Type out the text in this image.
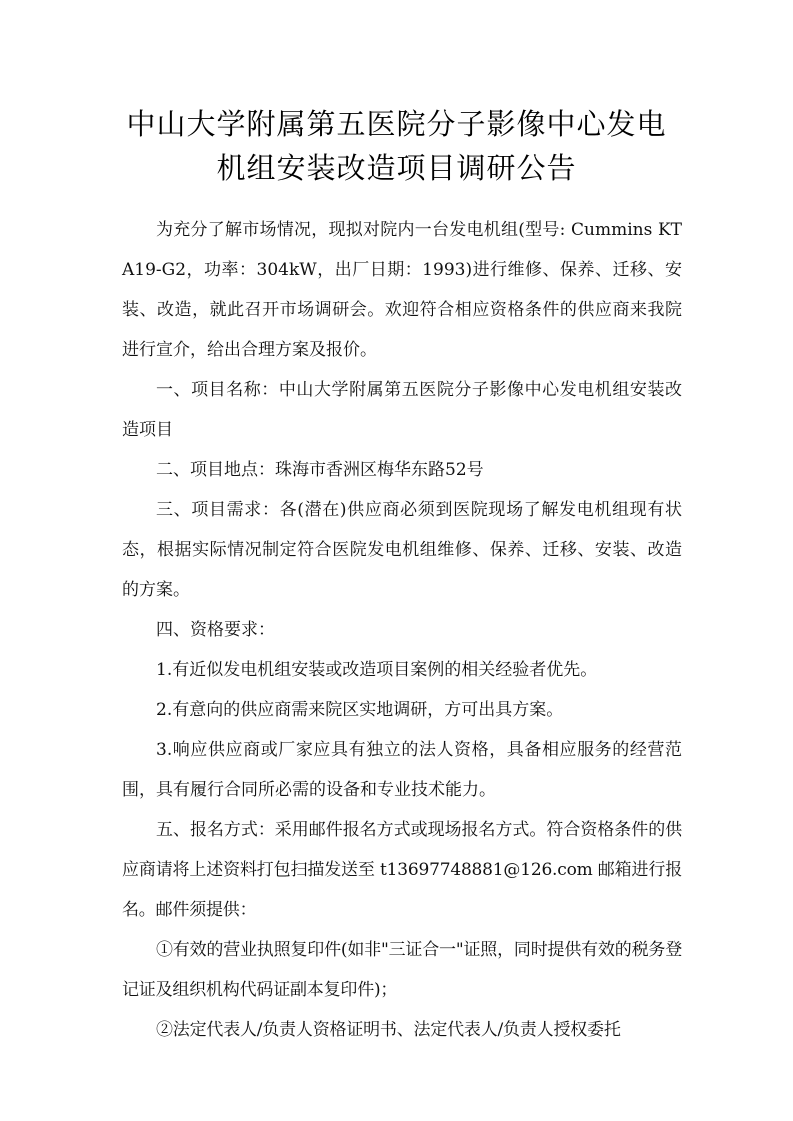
中山大学附属第五医院分子影像中心发电
机组安装改造项目调研公告

为充分了解市场情况，现拟对院内一台发电机组(型号: Cummins KTA19-G2，功率：304kW，出厂日期：1993)进行维修、保养、迁移、安装、改造，就此召开市场调研会。欢迎符合相应资格条件的供应商来我院进行宣介，给出合理方案及报价。

一、项目名称：中山大学附属第五医院分子影像中心发电机组安装改造项目

二、项目地点：珠海市香洲区梅华东路52号

三、项目需求：各(潜在)供应商必须到医院现场了解发电机组现有状态，根据实际情况制定符合医院发电机组维修、保养、迁移、安装、改造的方案。

四、资格要求：

1.有近似发电机组安装或改造项目案例的相关经验者优先。

2.有意向的供应商需来院区实地调研，方可出具方案。

3.响应供应商或厂家应具有独立的法人资格，具备相应服务的经营范围，具有履行合同所必需的设备和专业技术能力。

五、报名方式：采用邮件报名方式或现场报名方式。符合资格条件的供应商请将上述资料打包扫描发送至 t13697748881@126.com 邮箱进行报名。邮件须提供：

①有效的营业执照复印件(如非"三证合一"证照，同时提供有效的税务登记证及组织机构代码证副本复印件)；

②法定代表人/负责人资格证明书、法定代表人/负责人授权委托
